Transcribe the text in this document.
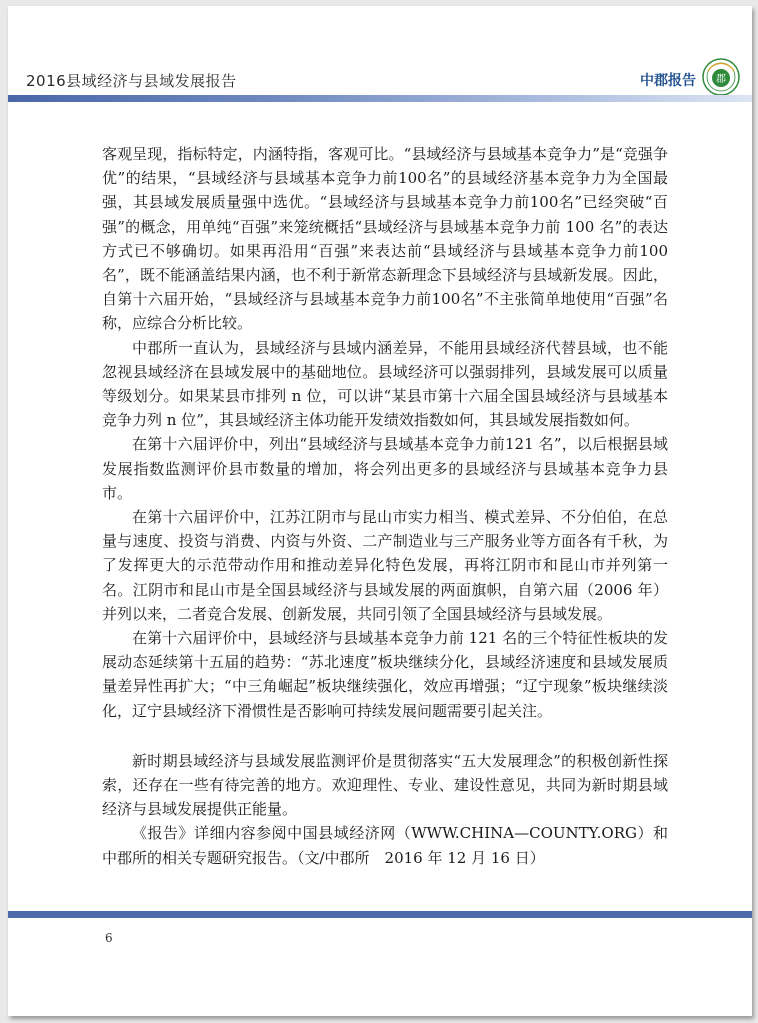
2016县域经济与县域发展报告	中郡报告 郡

客观呈现，指标特定，内涵特指，客观可比。“县域经济与县域基本竞争力”是“竞强争优”的结果，“县域经济与县域基本竞争力前100名”的县域经济基本竞争力为全国最强，其县域发展质量强中选优。“县域经济与县域基本竞争力前100名”已经突破“百强”的概念，用单纯“百强”来笼统概括“县域经济与县域基本竞争力前 100 名”的表达方式已不够确切。如果再沿用“百强”来表达前“县域经济与县域基本竞争力前100 名”，既不能涵盖结果内涵，也不利于新常态新理念下县域经济与县域新发展。因此，自第十六届开始，“县域经济与县域基本竞争力前100名”不主张简单地使用“百强”名称，应综合分析比较。

中郡所一直认为，县域经济与县域内涵差异，不能用县域经济代替县域，也不能忽视县域经济在县域发展中的基础地位。县域经济可以强弱排列，县域发展可以质量等级划分。如果某县市排列 n 位，可以讲“某县市第十六届全国县域经济与县域基本竞争力列 n 位”，其县域经济主体功能开发绩效指数如何，其县域发展指数如何。

在第十六届评价中，列出“县域经济与县域基本竞争力前121 名”，以后根据县域发展指数监测评价县市数量的增加，将会列出更多的县域经济与县域基本竞争力县市。

在第十六届评价中，江苏江阴市与昆山市实力相当、模式差异、不分伯伯，在总量与速度、投资与消费、内资与外资、二产制造业与三产服务业等方面各有千秋，为了发挥更大的示范带动作用和推动差异化特色发展，再将江阴市和昆山市并列第一名。江阴市和昆山市是全国县域经济与县域发展的两面旗帜，自第六届（2006 年）并列以来，二者竞合发展、创新发展，共同引领了全国县域经济与县域发展。

在第十六届评价中，县域经济与县域基本竞争力前 121 名的三个特征性板块的发展动态延续第十五届的趋势：“苏北速度”板块继续分化，县域经济速度和县域发展质量差异性再扩大；“中三角崛起”板块继续强化，效应再增强；“辽宁现象”板块继续淡化，辽宁县域经济下滑惯性是否影响可持续发展问题需要引起关注。

新时期县域经济与县域发展监测评价是贯彻落实“五大发展理念”的积极创新性探索，还存在一些有待完善的地方。欢迎理性、专业、建设性意见，共同为新时期县域经济与县域发展提供正能量。

《报告》详细内容参阅中国县域经济网（WWW.CHINA—COUNTY.ORG）和中郡所的相关专题研究报告。（文/中郡所　2016 年 12 月 16 日）

6
